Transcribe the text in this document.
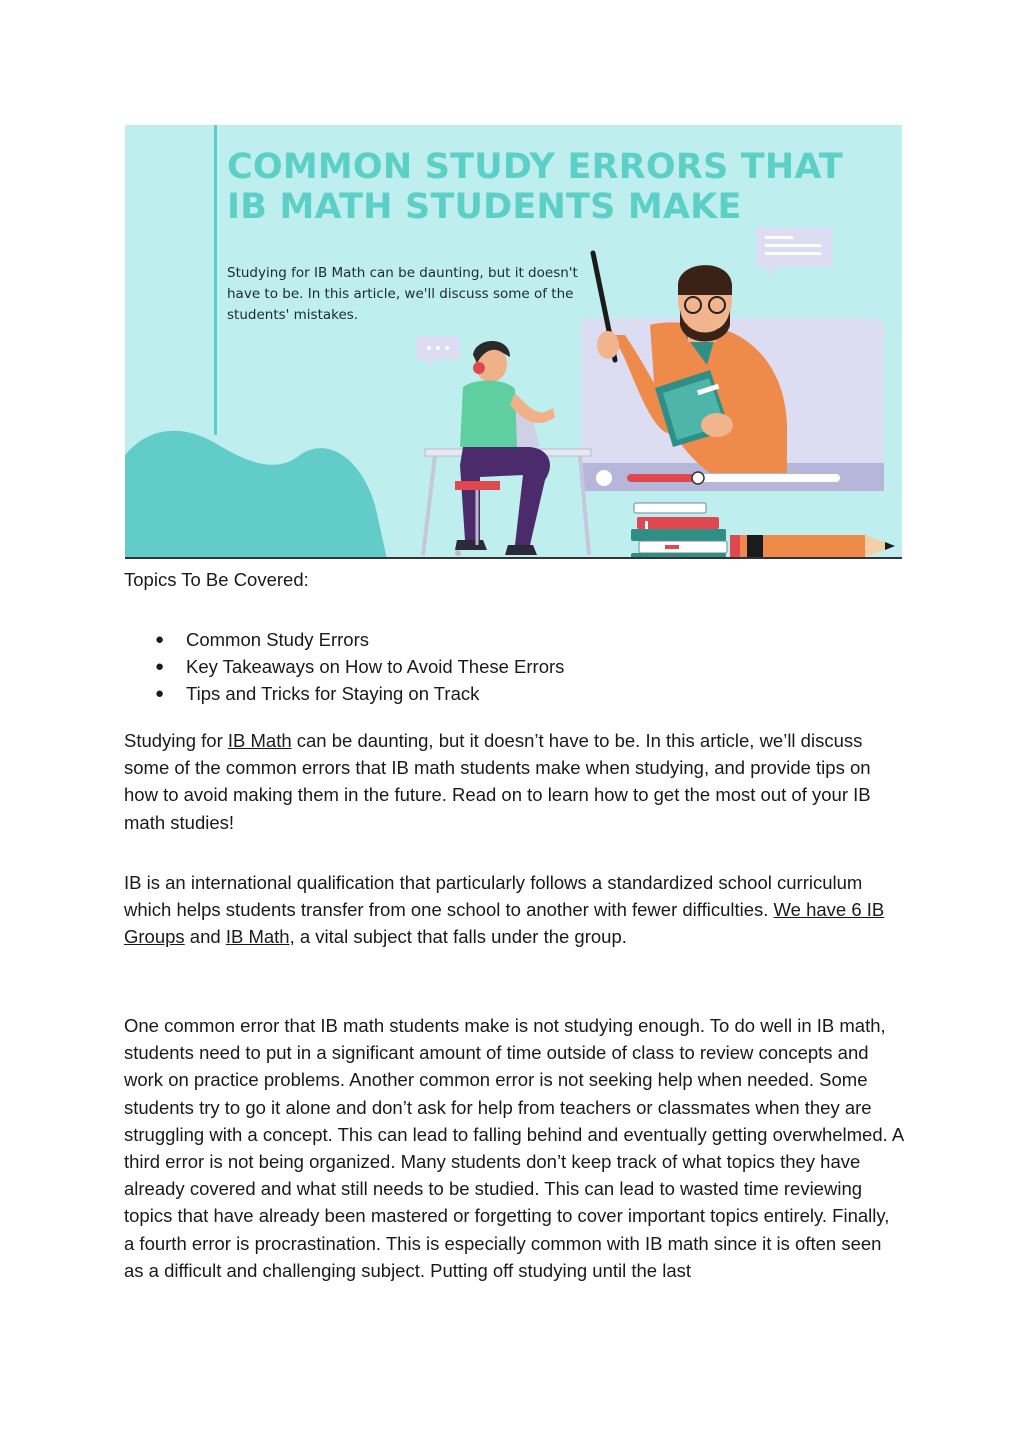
COMMON STUDY ERRORS THAT
IB MATH STUDENTS MAKE
Studying for IB Math can be daunting, but it doesn't have to be. In this article, we'll discuss some of the students' mistakes.
Topics To Be Covered:
● Common Study Errors
● Key Takeaways on How to Avoid These Errors
● Tips and Tricks for Staying on Track

Studying for IB Math can be daunting, but it doesn’t have to be. In this article, we’ll discuss some of the common errors that IB math students make when studying, and provide tips on how to avoid making them in the future. Read on to learn how to get the most out of your IB math studies!

IB is an international qualification that particularly follows a standardized school curriculum which helps students transfer from one school to another with fewer difficulties. We have 6 IB Groups and IB Math, a vital subject that falls under the group.

One common error that IB math students make is not studying enough. To do well in IB math, students need to put in a significant amount of time outside of class to review concepts and work on practice problems. Another common error is not seeking help when needed. Some students try to go it alone and don’t ask for help from teachers or classmates when they are struggling with a concept. This can lead to falling behind and eventually getting overwhelmed. A third error is not being organized. Many students don’t keep track of what topics they have already covered and what still needs to be studied. This can lead to wasted time reviewing topics that have already been mastered or forgetting to cover important topics entirely. Finally, a fourth error is procrastination. This is especially common with IB math since it is often seen as a difficult and challenging subject. Putting off studying until the last
